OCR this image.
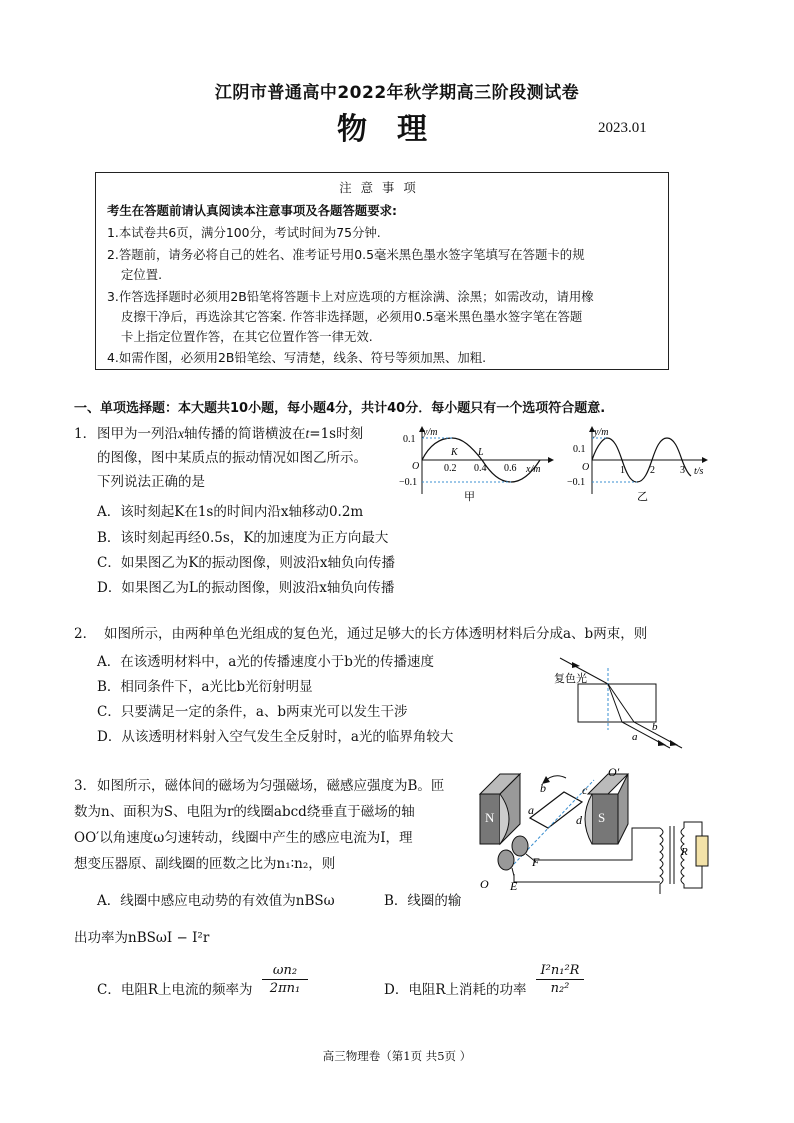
江阴市普通高中2022年秋学期高三阶段测试卷
物理	2023.01
注意事项
考生在答题前请认真阅读本注意事项及各题答题要求:
1.本试卷共6页，满分100分，考试时间为75分钟.
2.答题前，请务必将自己的姓名、准考证号用0.5毫米黑色墨水签字笔填写在答题卡的规
定位置.
3.作答选择题时必须用2B铅笔将答题卡上对应选项的方框涂满、涂黑；如需改动，请用橡
皮擦干净后，再选涂其它答案. 作答非选择题，必须用0.5毫米黑色墨水签字笔在答题
卡上指定位置作答，在其它位置作答一律无效.
4.如需作图，必须用2B铅笔绘、写清楚，线条、符号等须加黑、加粗.
一、单项选择题：本大题共10小题，每小题4分，共计40分．每小题只有一个选项符合题意.
1． 图甲为一列沿x轴传播的简谐横波在t=1s时刻
的图像，图中某质点的振动情况如图乙所示。
下列说法正确的是
A．该时刻起K在1s的时间内沿x轴移动0.2m
B．该时刻起再经0.5s，K的加速度为正方向最大
C．如果图乙为K的振动图像，则波沿x轴负向传播
D．如果图乙为L的振动图像，则波沿x轴负向传播
y/m
x/m
0.1
−0.1
O 0.2 0.4 0.6
K L
甲
y/m
t/s
0.1
−0.1
O	1	2	3
乙
2． 如图所示，由两种单色光组成的复色光，通过足够大的长方体透明材料后分成a、b两束，则
A．在该透明材料中，a光的传播速度小于b光的传播速度
B．相同条件下，a光比b光衍射明显
C．只要满足一定的条件，a、b两束光可以发生干涉
D．从该透明材料射入空气发生全反射时，a光的临界角较大
复色光
a
b
3． 如图所示，磁体间的磁场为匀强磁场，磁感应强度为B。匝
数为n、面积为S、电阻为r的线圈abcd绕垂直于磁场的轴
OO′以角速度ω匀速转动，线圈中产生的感应电流为I，理
想变压器原、副线圈的匝数之比为n₁∶n₂，则
A．线圈中感应电动势的有效值为nBSω	B．线圈的输
出功率为nBSωI − I²r
C．电阻R上电流的频率为 $\frac{\text{ωn₂}}{\text{2πn₁}}$	D．电阻R上消耗的功率 $\frac{\text{I²n₁²R}}{\text{n₂²}}$
N	S
R
O′
O
b	c
a
d
E
F
高三物理卷（第1页 共5页 ）
